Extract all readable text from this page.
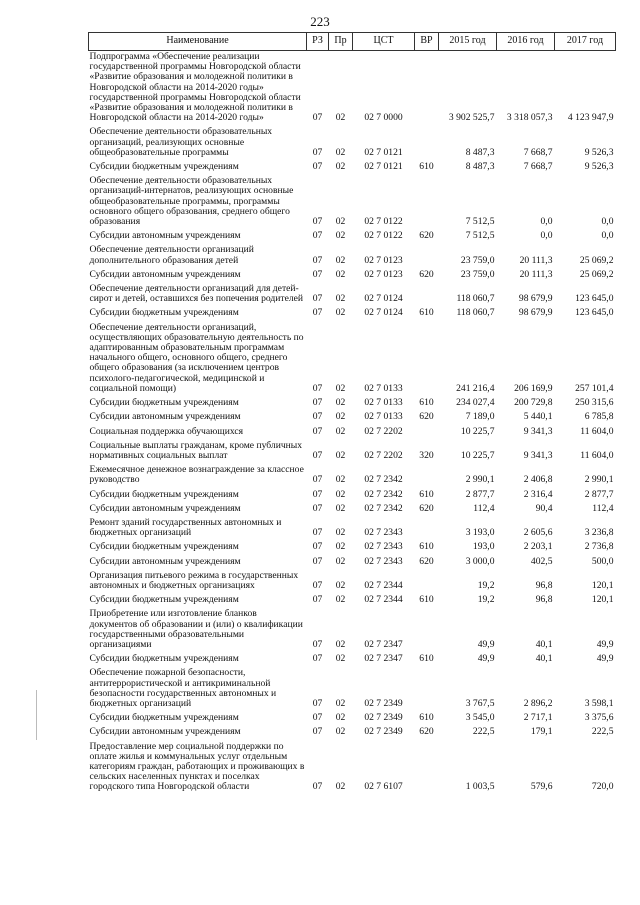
223
Наименование	РЗ	Пр	ЦСТ	ВР	2015 год	2016 год	2017 год
Подпрограмма «Обеспечение реализации государственной программы Новгородской области «Развитие образования и молодежной политики в Новгородской области на 2014-2020 годы» государственной программы Новгородской области «Развитие образования и молодежной политики в Новгородской области на 2014-2020 годы»	07	02	02 7 0000		3 902 525,7	3 318 057,3	4 123 947,9
Обеспечение деятельности образовательных организаций, реализующих основные общеобразовательные программы	07	02	02 7 0121		8 487,3	7 668,7	9 526,3
Субсидии бюджетным учреждениям	07	02	02 7 0121	610	8 487,3	7 668,7	9 526,3
Обеспечение деятельности образовательных организаций-интернатов, реализующих основные общеобразовательные программы, программы основного общего образования, среднего общего образования	07	02	02 7 0122		7 512,5	0,0	0,0
Субсидии автономным учреждениям	07	02	02 7 0122	620	7 512,5	0,0	0,0
Обеспечение деятельности организаций дополнительного образования детей	07	02	02 7 0123		23 759,0	20 111,3	25 069,2
Субсидии автономным учреждениям	07	02	02 7 0123	620	23 759,0	20 111,3	25 069,2
Обеспечение деятельности организаций для детей-сирот и детей, оставшихся без попечения родителей	07	02	02 7 0124		118 060,7	98 679,9	123 645,0
Субсидии бюджетным учреждениям	07	02	02 7 0124	610	118 060,7	98 679,9	123 645,0
Обеспечение деятельности организаций, осуществляющих образовательную деятельность по адаптированным образовательным программам начального общего, основного общего, среднего общего образования (за исключением центров психолого-педагогической, медицинской и социальной помощи)	07	02	02 7 0133		241 216,4	206 169,9	257 101,4
Субсидии бюджетным учреждениям	07	02	02 7 0133	610	234 027,4	200 729,8	250 315,6
Субсидии автономным учреждениям	07	02	02 7 0133	620	7 189,0	5 440,1	6 785,8
Социальная поддержка обучающихся	07	02	02 7 2202		10 225,7	9 341,3	11 604,0
Социальные выплаты гражданам, кроме публичных нормативных социальных выплат	07	02	02 7 2202	320	10 225,7	9 341,3	11 604,0
Ежемесячное денежное вознаграждение за классное руководство	07	02	02 7 2342		2 990,1	2 406,8	2 990,1
Субсидии бюджетным учреждениям	07	02	02 7 2342	610	2 877,7	2 316,4	2 877,7
Субсидии автономным учреждениям	07	02	02 7 2342	620	112,4	90,4	112,4
Ремонт зданий государственных автономных и бюджетных организаций	07	02	02 7 2343		3 193,0	2 605,6	3 236,8
Субсидии бюджетным учреждениям	07	02	02 7 2343	610	193,0	2 203,1	2 736,8
Субсидии автономным учреждениям	07	02	02 7 2343	620	3 000,0	402,5	500,0
Организация питьевого режима в государственных автономных и бюджетных организациях	07	02	02 7 2344		19,2	96,8	120,1
Субсидии бюджетным учреждениям	07	02	02 7 2344	610	19,2	96,8	120,1
Приобретение или изготовление бланков документов об образовании и (или) о квалификации государственными образовательными организациями	07	02	02 7 2347		49,9	40,1	49,9
Субсидии бюджетным учреждениям	07	02	02 7 2347	610	49,9	40,1	49,9
Обеспечение пожарной безопасности, антитеррористической и антикриминальной безопасности государственных автономных и бюджетных организаций	07	02	02 7 2349		3 767,5	2 896,2	3 598,1
Субсидии бюджетным учреждениям	07	02	02 7 2349	610	3 545,0	2 717,1	3 375,6
Субсидии автономным учреждениям	07	02	02 7 2349	620	222,5	179,1	222,5
Предоставление мер социальной поддержки по оплате жилья и коммунальных услуг отдельным категориям граждан, работающих и проживающих в сельских населенных пунктах и поселках городского типа Новгородской области	07	02	02 7 6107		1 003,5	579,6	720,0
